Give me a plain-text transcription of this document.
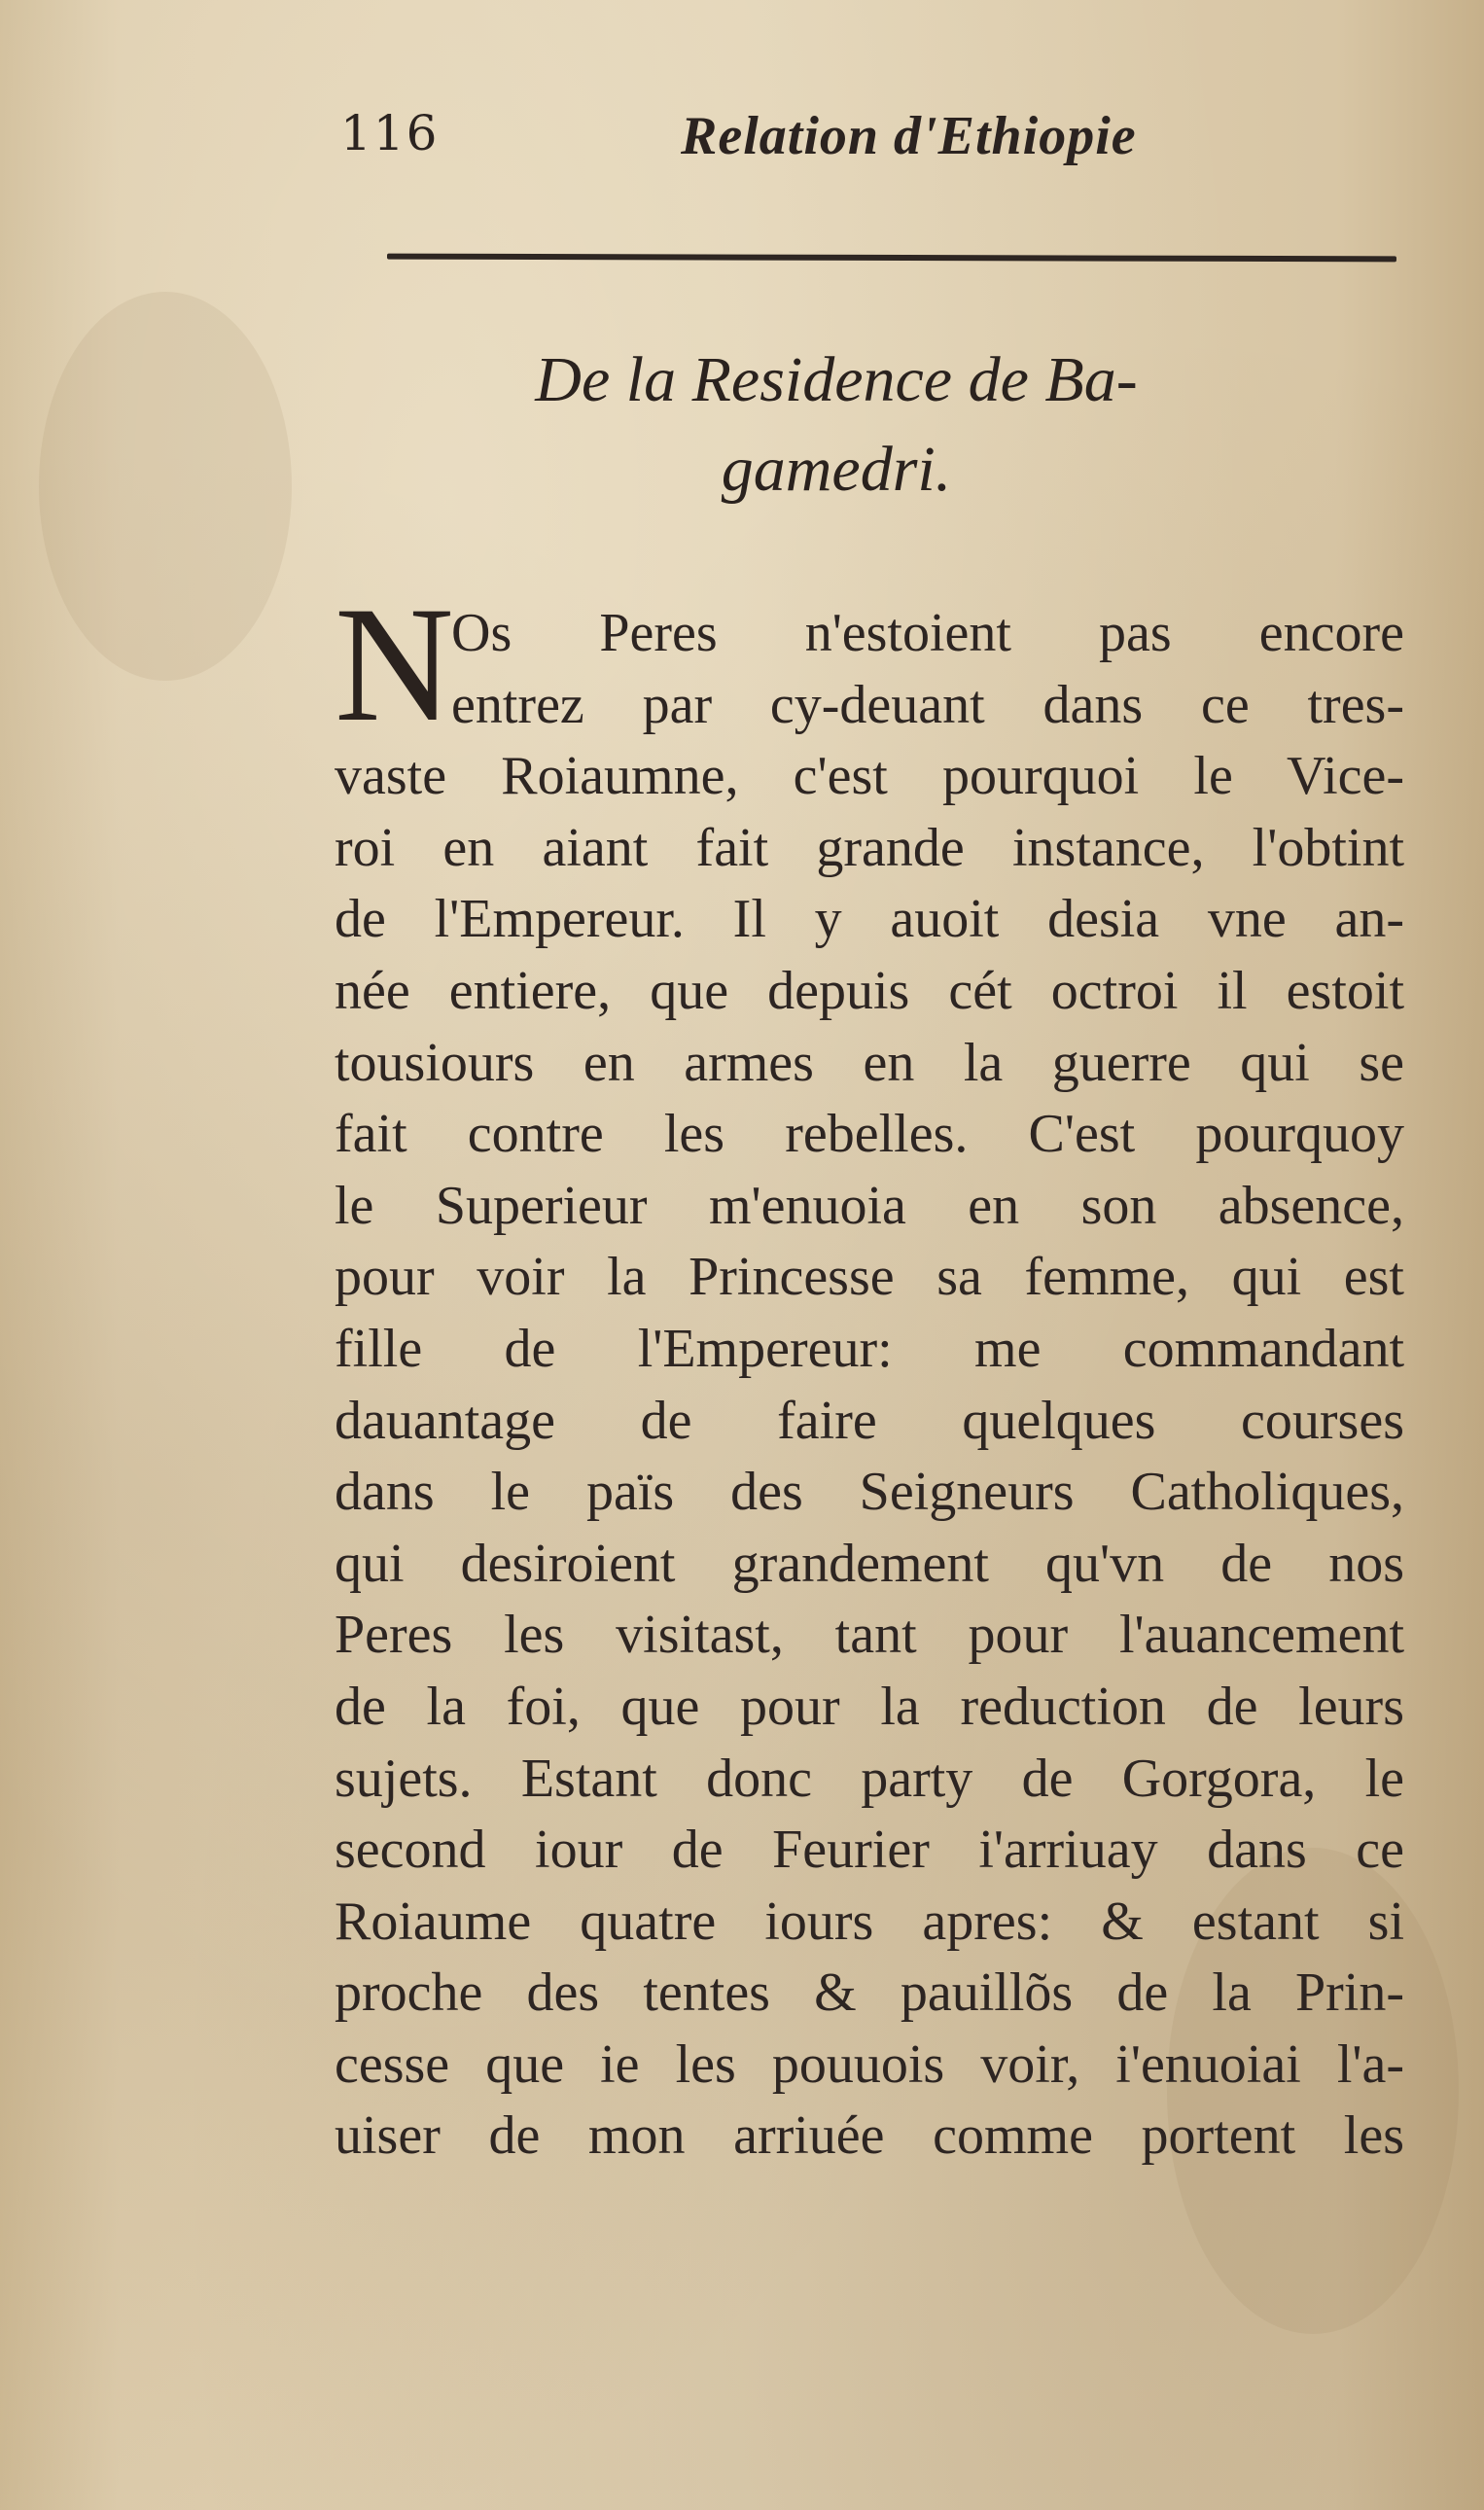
116	Relation d'Ethiopie
De la Residence de Ba-
gamedri.
N
Os Peres n'estoient pas encore
entrez par cy-deuant dans ce tres-
vaste Roiaumne, c'est pourquoi le Vice-
roi en aiant fait grande instance, l'obtint
de l'Empereur. Il y auoit desia vne an-
née entiere, que depuis cét octroi il estoit
tousiours en armes en la guerre qui se
fait contre les rebelles. C'est pourquoy
le Superieur m'enuoia en son absence,
pour voir la Princesse sa femme, qui est
fille de l'Empereur: me commandant
dauantage de faire quelques courses
dans le païs des Seigneurs Catholiques,
qui desiroient grandement qu'vn de nos
Peres les visitast, tant pour l'auancement
de la foi, que pour la reduction de leurs
sujets. Estant donc party de Gorgora, le
second iour de Feurier i'arriuay dans ce
Roiaume quatre iours apres: & estant si
proche des tentes & pauillõs de la Prin-
cesse que ie les pouuois voir, i'enuoiai l'a-
uiser de mon arriuée comme portent les
